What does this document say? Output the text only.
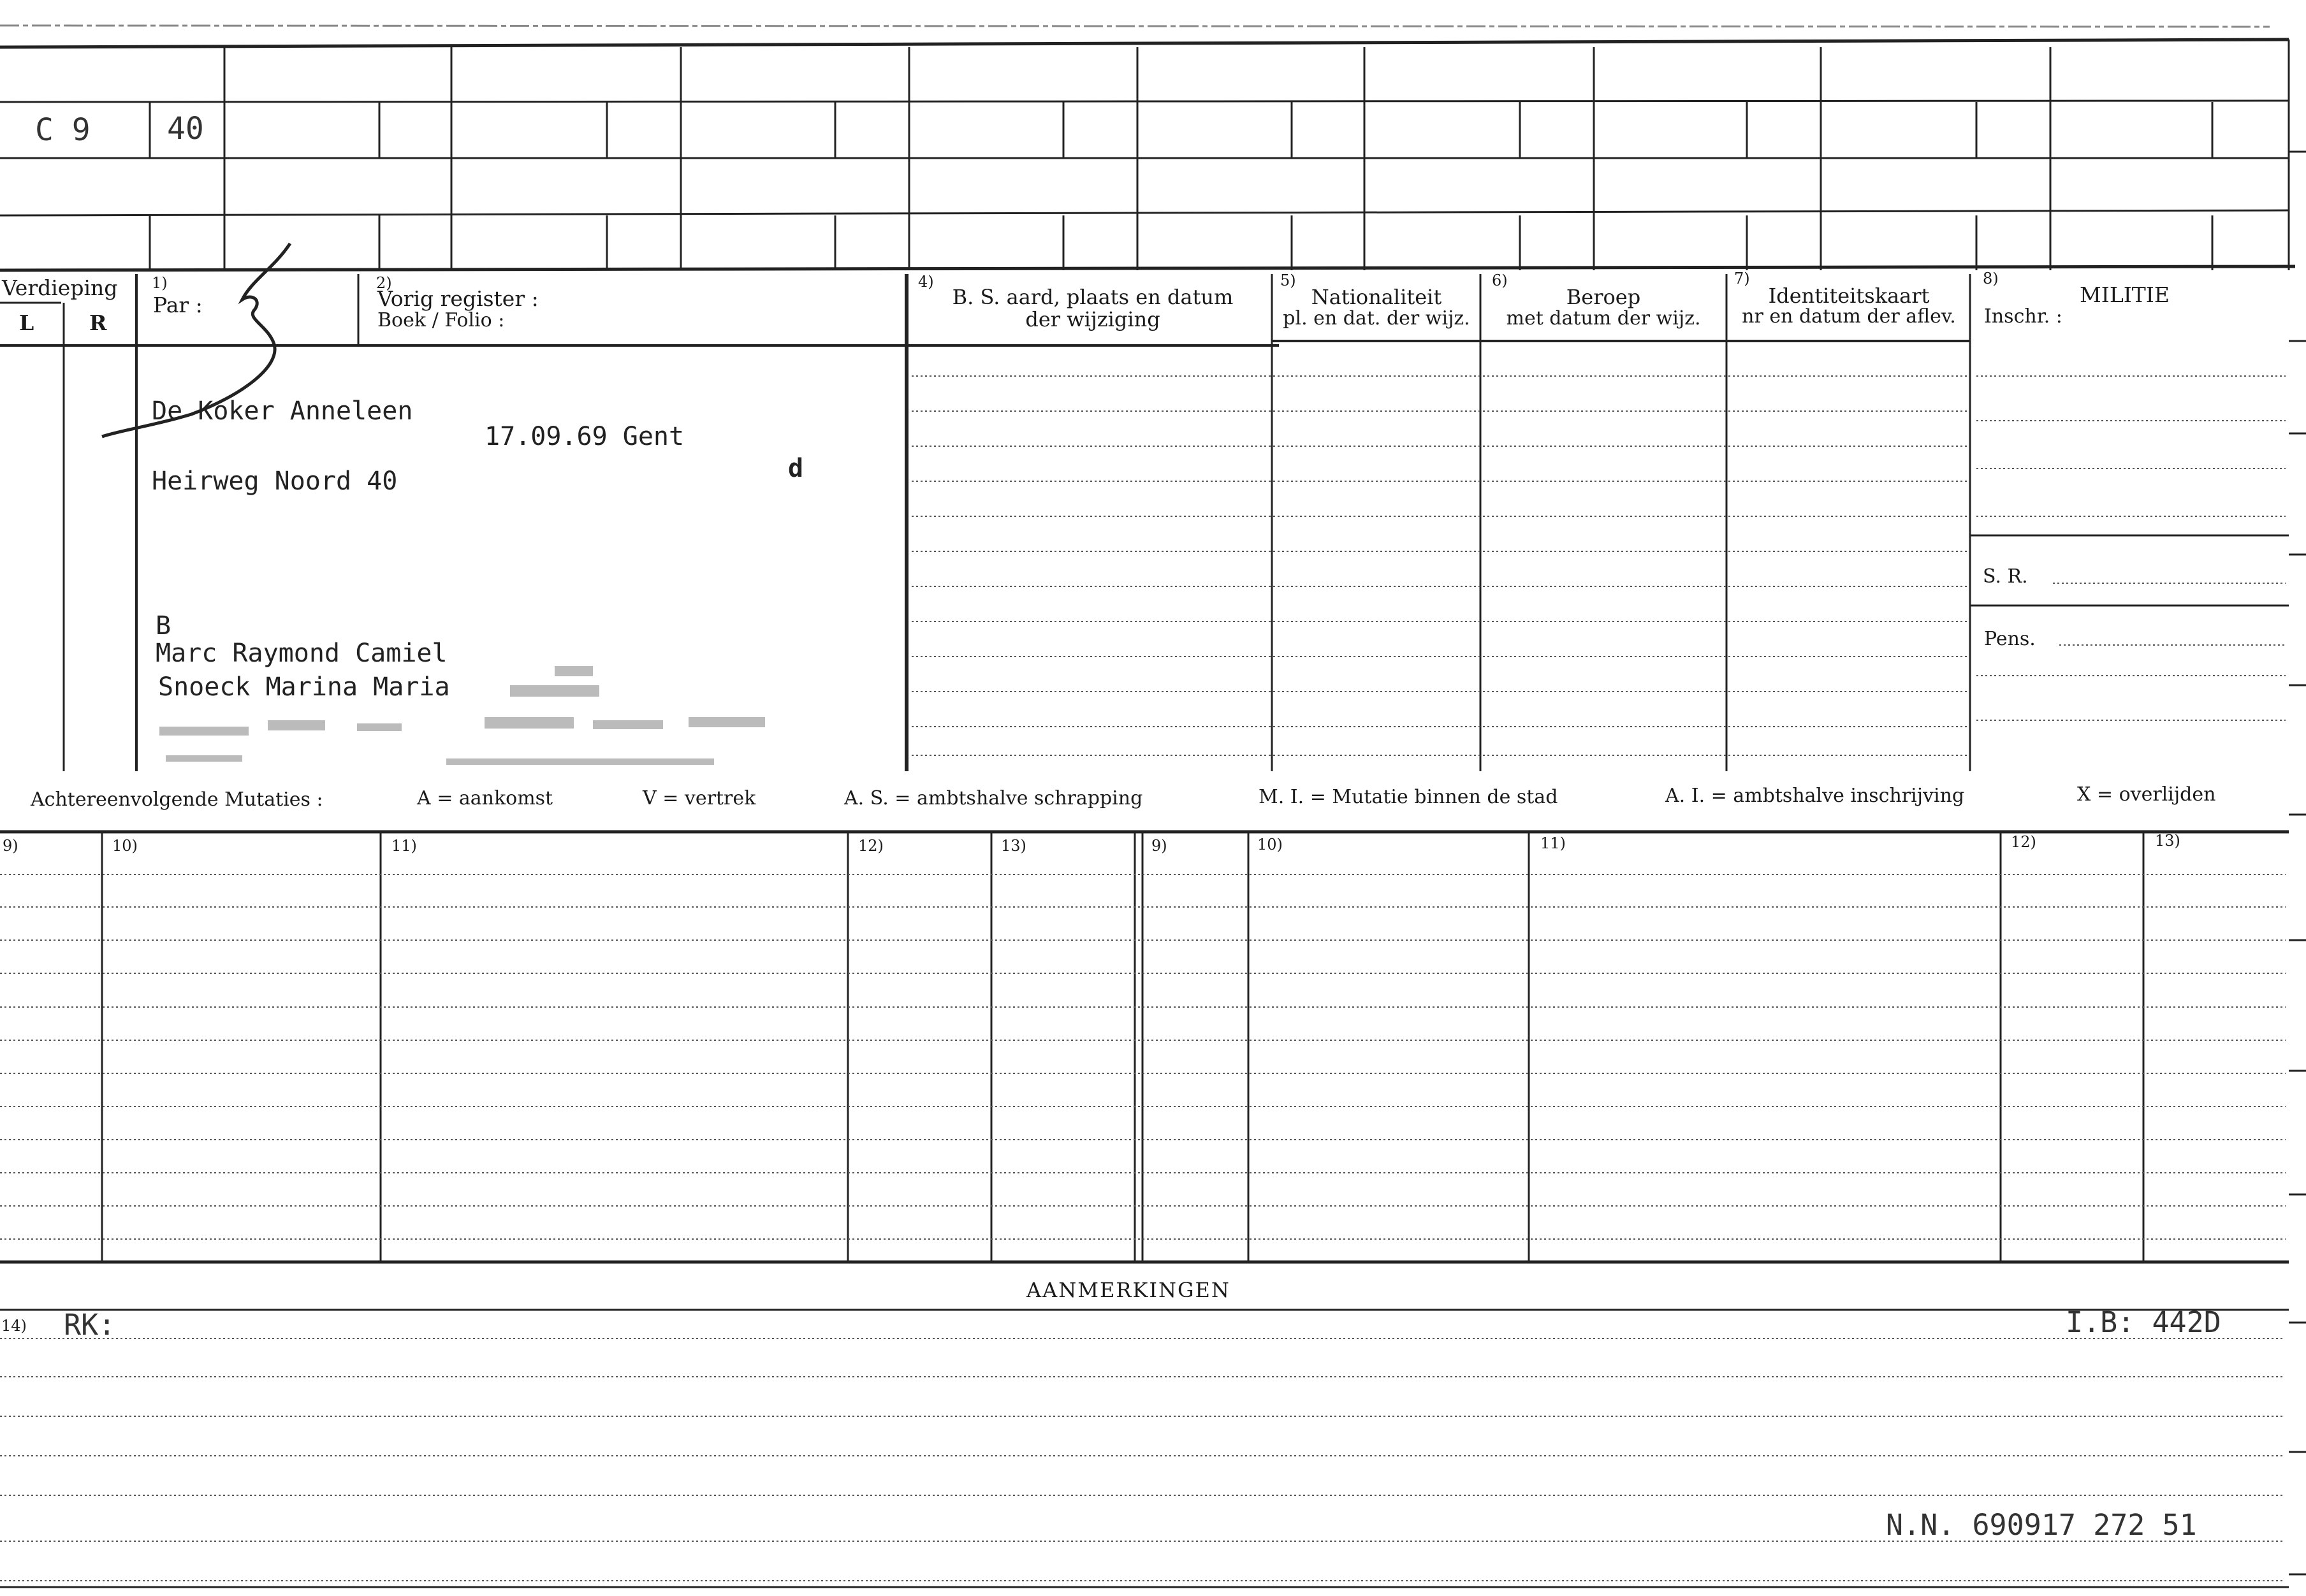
C 9	40
Verdieping
L	R
1)
Par :
2)
Vorig register :
Boek / Folio :
4)
B. S. aard, plaats en datum
der wijziging
5)
Nationaliteit
pl. en dat. der wijz.
6)
Beroep
met datum der wijz.
7)
Identiteitskaart
nr en datum der aflev.
8)
MILITIE
Inschr. :
S. R.
Pens.
De Koker Anneleen
17.09.69 Gent
d
Heirweg Noord 40
B
Marc Raymond Camiel
Snoeck Marina Maria
Achtereenvolgende Mutaties :	A = aankomst	V = vertrek	A. S. = ambtshalve schrapping	M. I. = Mutatie binnen de stad	A. I. = ambtshalve inschrijving	X = overlijden
9)	10)	11)	12)	13)	9)	10)	11)	12)	13)
AANMERKINGEN
14) RK:	I.B: 442D
N.N. 690917 272 51
